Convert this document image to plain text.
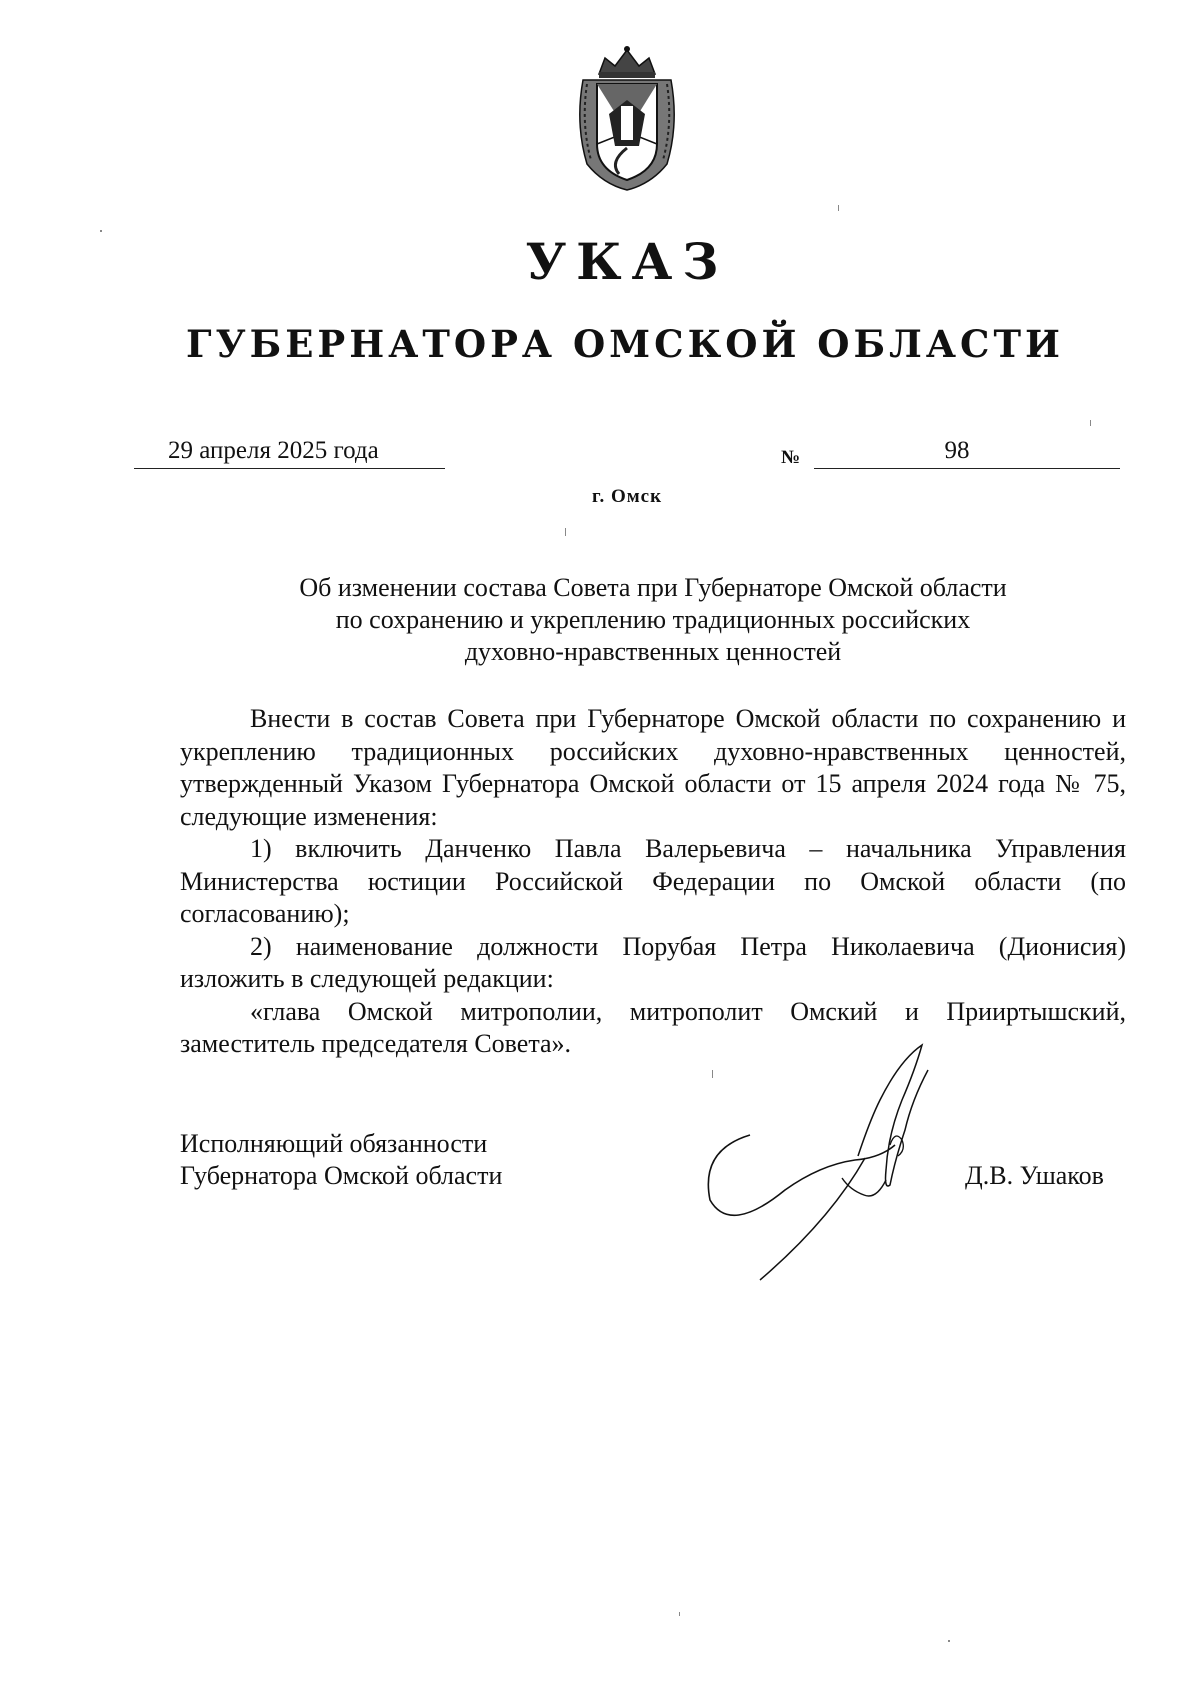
УКАЗ
ГУБЕРНАТОРА ОМСКОЙ ОБЛАСТИ
29 апреля 2025 года	№	98
г. Омск
Об изменении состава Совета при Губернаторе Омской области
по сохранению и укреплению традиционных российских
духовно-нравственных ценностей

Внести в состав Совета при Губернаторе Омской области по сохранению и укреплению традиционных российских духовно-нравственных ценностей, утвержденный Указом Губернатора Омской области от 15 апреля 2024 года № 75, следующие изменения:

1) включить Данченко Павла Валерьевича – начальника Управления Министерства юстиции Российской Федерации по Омской области (по согласованию);

2) наименование должности Порубая Петра Николаевича (Дионисия) изложить в следующей редакции:

«глава Омской митрополии, митрополит Омский и Прииртышский, заместитель председателя Совета».

Исполняющий обязанности
Губернатора Омской области	Д.В. Ушаков
